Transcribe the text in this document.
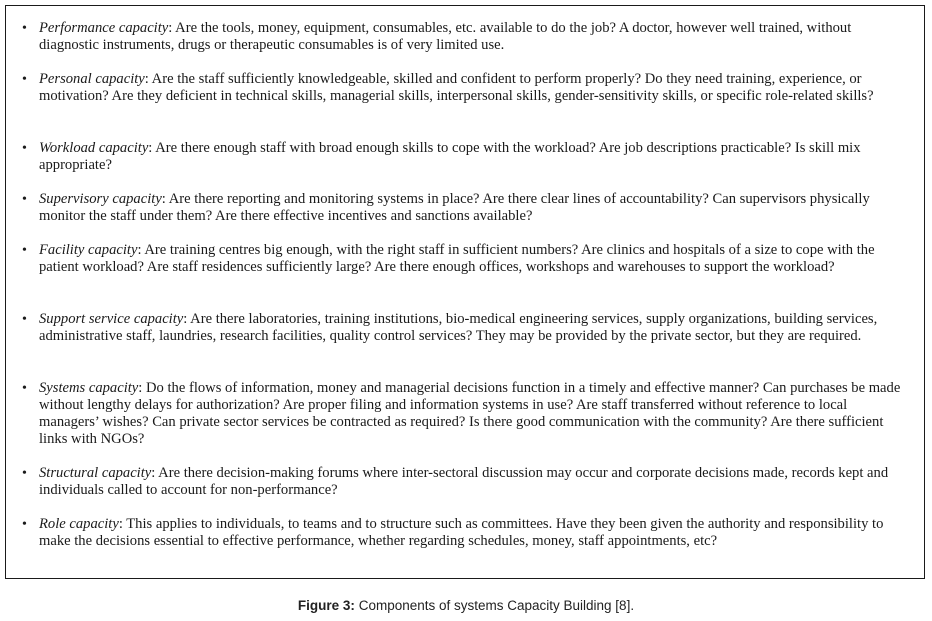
• Performance capacity: Are the tools, money, equipment, consumables, etc. available to do the job? A doctor, however well trained, without diagnostic instruments, drugs or therapeutic consumables is of very limited use.
• Personal capacity: Are the staff sufficiently knowledgeable, skilled and confident to perform properly? Do they need training, experience, or motivation? Are they deficient in technical skills, managerial skills, interpersonal skills, gender-sensitivity skills, or specific role-related skills?
• Workload capacity: Are there enough staff with broad enough skills to cope with the workload? Are job descriptions practicable? Is skill mix appropriate?
• Supervisory capacity: Are there reporting and monitoring systems in place? Are there clear lines of accountability? Can supervisors physically monitor the staff under them? Are there effective incentives and sanctions available?
• Facility capacity: Are training centres big enough, with the right staff in sufficient numbers? Are clinics and hospitals of a size to cope with the patient workload? Are staff residences sufficiently large? Are there enough offices, workshops and warehouses to support the workload?
• Support service capacity: Are there laboratories, training institutions, bio-medical engineering services, supply organizations, building services, administrative staff, laundries, research facilities, quality control services? They may be provided by the private sector, but they are required.
• Systems capacity: Do the flows of information, money and managerial decisions function in a timely and effective manner? Can purchases be made without lengthy delays for authorization? Are proper filing and information systems in use? Are staff transferred without reference to local managers’ wishes? Can private sector services be contracted as required? Is there good communication with the community? Are there sufficient links with NGOs?
• Structural capacity: Are there decision-making forums where inter-sectoral discussion may occur and corporate decisions made, records kept and individuals called to account for non-performance?
• Role capacity: This applies to individuals, to teams and to structure such as committees. Have they been given the authority and responsibility to make the decisions essential to effective performance, whether regarding schedules, money, staff appointments, etc?
Figure 3: Components of systems Capacity Building [8].
